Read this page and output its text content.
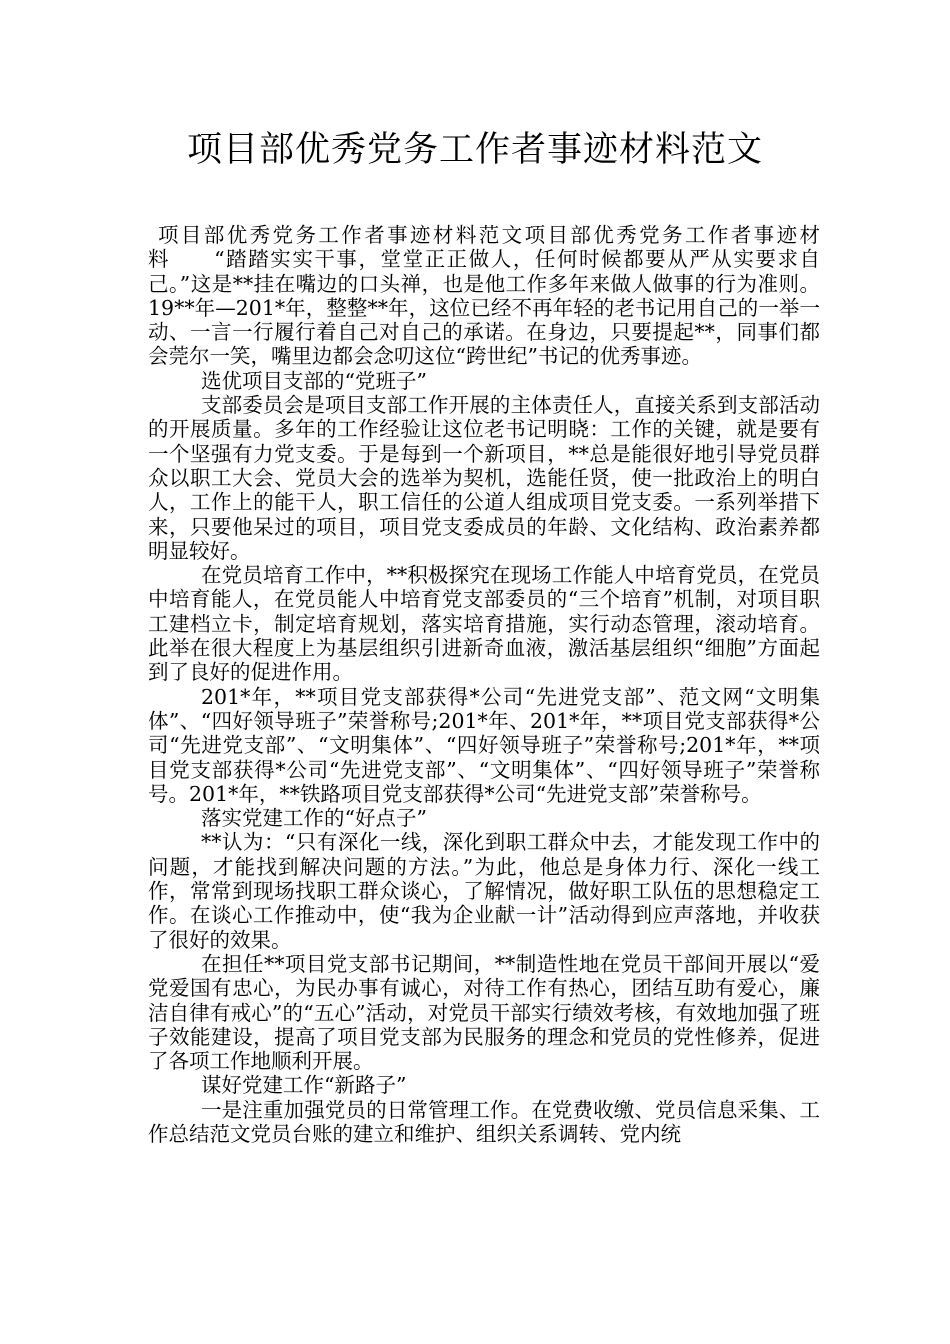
项目部优秀党务工作者事迹材料范文

项目部优秀党务工作者事迹材料范文项目部优秀党务工作者事迹材料　　“踏踏实实干事，堂堂正正做人，任何时候都要从严从实要求自己。”这是**挂在嘴边的口头禅，也是他工作多年来做人做事的行为准则。19**年—201*年，整整**年，这位已经不再年轻的老书记用自己的一举一动、一言一行履行着自己对自己的承诺。在身边，只要提起**，同事们都会莞尔一笑，嘴里边都会念叨这位“跨世纪”书记的优秀事迹。

选优项目支部的“党班子”

支部委员会是项目支部工作开展的主体责任人，直接关系到支部活动的开展质量。多年的工作经验让这位老书记明晓：工作的关键，就是要有一个坚强有力党支委。于是每到一个新项目，**总是能很好地引导党员群众以职工大会、党员大会的选举为契机，选能任贤，使一批政治上的明白人，工作上的能干人，职工信任的公道人组成项目党支委。一系列举措下来，只要他呆过的项目，项目党支委成员的年龄、文化结构、政治素养都明显较好。

在党员培育工作中，**积极探究在现场工作能人中培育党员，在党员中培育能人，在党员能人中培育党支部委员的“三个培育”机制，对项目职工建档立卡，制定培育规划，落实培育措施，实行动态管理，滚动培育。此举在很大程度上为基层组织引进新奇血液，激活基层组织“细胞”方面起到了良好的促进作用。

201*年，**项目党支部获得*公司“先进党支部”、范文网“文明集体”、“四好领导班子”荣誉称号;201*年、201*年，**项目党支部获得*公司“先进党支部”、“文明集体”、“四好领导班子”荣誉称号;201*年，**项目党支部获得*公司“先进党支部”、“文明集体”、“四好领导班子”荣誉称号。201*年，**铁路项目党支部获得*公司“先进党支部”荣誉称号。

落实党建工作的“好点子”

**认为：“只有深化一线，深化到职工群众中去，才能发现工作中的问题，才能找到解决问题的方法。”为此，他总是身体力行、深化一线工作，常常到现场找职工群众谈心，了解情况，做好职工队伍的思想稳定工作。在谈心工作推动中，使“我为企业献一计”活动得到应声落地，并收获了很好的效果。

在担任**项目党支部书记期间，**制造性地在党员干部间开展以“爱党爱国有忠心，为民办事有诚心，对待工作有热心，团结互助有爱心，廉洁自律有戒心”的“五心”活动，对党员干部实行绩效考核，有效地加强了班子效能建设，提高了项目党支部为民服务的理念和党员的党性修养，促进了各项工作地顺利开展。

谋好党建工作“新路子”

一是注重加强党员的日常管理工作。在党费收缴、党员信息采集、工作总结范文党员台账的建立和维护、组织关系调转、党内统
